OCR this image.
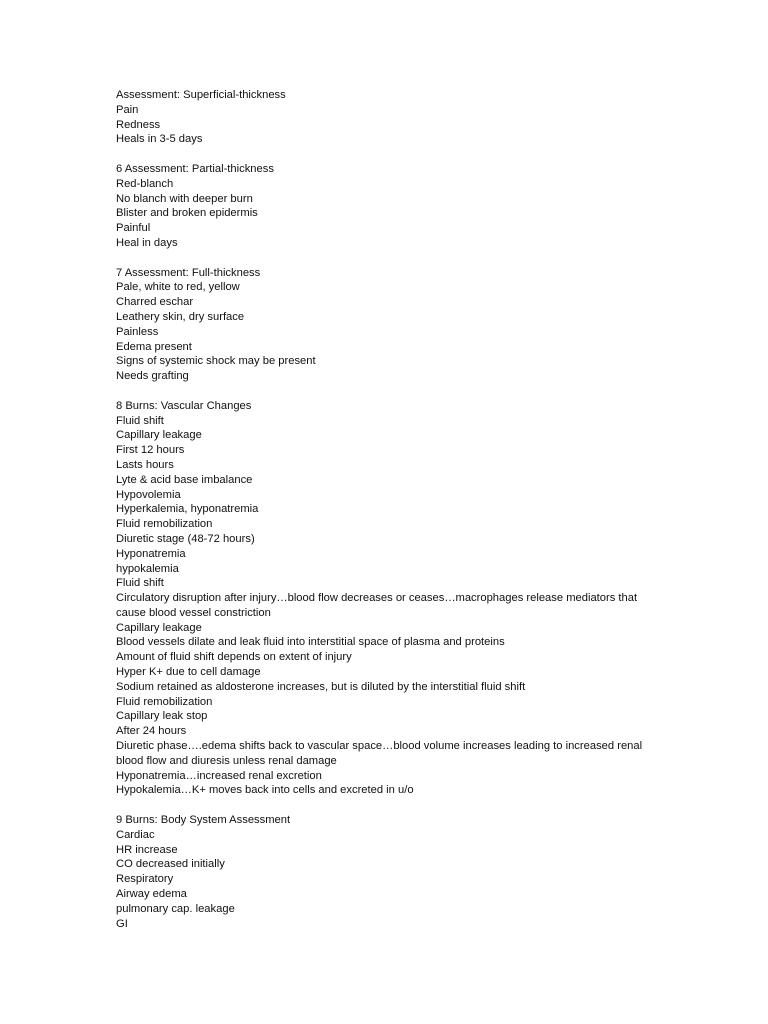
Assessment: Superficial-thickness
Pain
Redness
Heals in 3-5 days
6 Assessment: Partial-thickness
Red-blanch
No blanch with deeper burn
Blister and broken epidermis
Painful
Heal in days
7 Assessment: Full-thickness
Pale, white to red, yellow
Charred eschar
Leathery skin, dry surface
Painless
Edema present
Signs of systemic shock may be present
Needs grafting
8 Burns: Vascular Changes
Fluid shift
Capillary leakage
First 12 hours
Lasts hours
Lyte & acid base imbalance
Hypovolemia
Hyperkalemia, hyponatremia
Fluid remobilization
Diuretic stage (48-72 hours)
Hyponatremia
hypokalemia
Fluid shift
Circulatory disruption after injury…blood flow decreases or ceases…macrophages release mediators that cause blood vessel constriction
Capillary leakage
Blood vessels dilate and leak fluid into interstitial space of plasma and proteins
Amount of fluid shift depends on extent of injury
Hyper K+ due to cell damage
Sodium retained as aldosterone increases, but is diluted by the interstitial fluid shift
Fluid remobilization
Capillary leak stop
After 24 hours
Diuretic phase….edema shifts back to vascular space…blood volume increases leading to increased renal blood flow and diuresis unless renal damage
Hyponatremia…increased renal excretion
Hypokalemia…K+ moves back into cells and excreted in u/o
9 Burns: Body System Assessment
Cardiac
HR increase
CO decreased initially
Respiratory
Airway edema
pulmonary cap. leakage
GI
